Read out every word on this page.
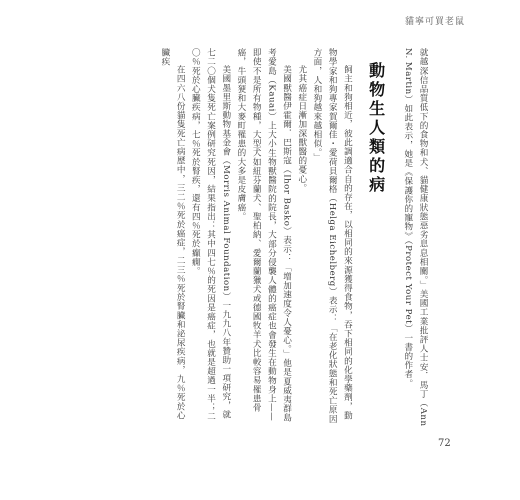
貓寧可買老鼠

就越深信品質低下的食物和犬、貓健康狀態惡劣息息相關。」美國工業批評人士安．馬丁（Ann N. Martin）如此表示，她是《保護你的寵物》（Protect Your Pet）一書的作者。

動物生人類的病

飼主和狗相近，彼此調適合自的存在，以相同的來源獲得食物，吞下相同的化學藥劑，動物學家和狗專家賀爾佳・愛荷貝爾格（Helga Eichelberg）表示：「在老化狀態和死亡原因方面，人和狗越來越相似。」

尤其癌症日漸加深獸醫的憂心。

美國獸醫伊霍爾．巴斯寇（Ihor Basko）表示：「增加速度令人憂心。」他是夏威夷群島考愛島（Kauai）上大小生物獸醫院的院長，大部分侵襲人體的癌症也會發生在動物身上——即使不是所有物種，大型犬如紐芬蘭犬、聖柏納、愛爾蘭獵犬或德國牧羊犬比較容易罹患骨癌，牛頭㹴和大麥町罹患的大多是皮膚癌。

美國墨里斯動物基金會（Morris Animal Foundation）一九九八年贊助一項研究，就七二〇個犬隻死亡案例研究死因，結果指出：其中四七％的死因是癌症，也就是超過一半；二〇％死於心臟疾病，七％死於腎疾，還有四％死於癲癇。

在四六八份貓隻死亡病歷中，三二％死於癌症，二三％死於腎臟和泌尿疾病，九％死於心臟疾

72
